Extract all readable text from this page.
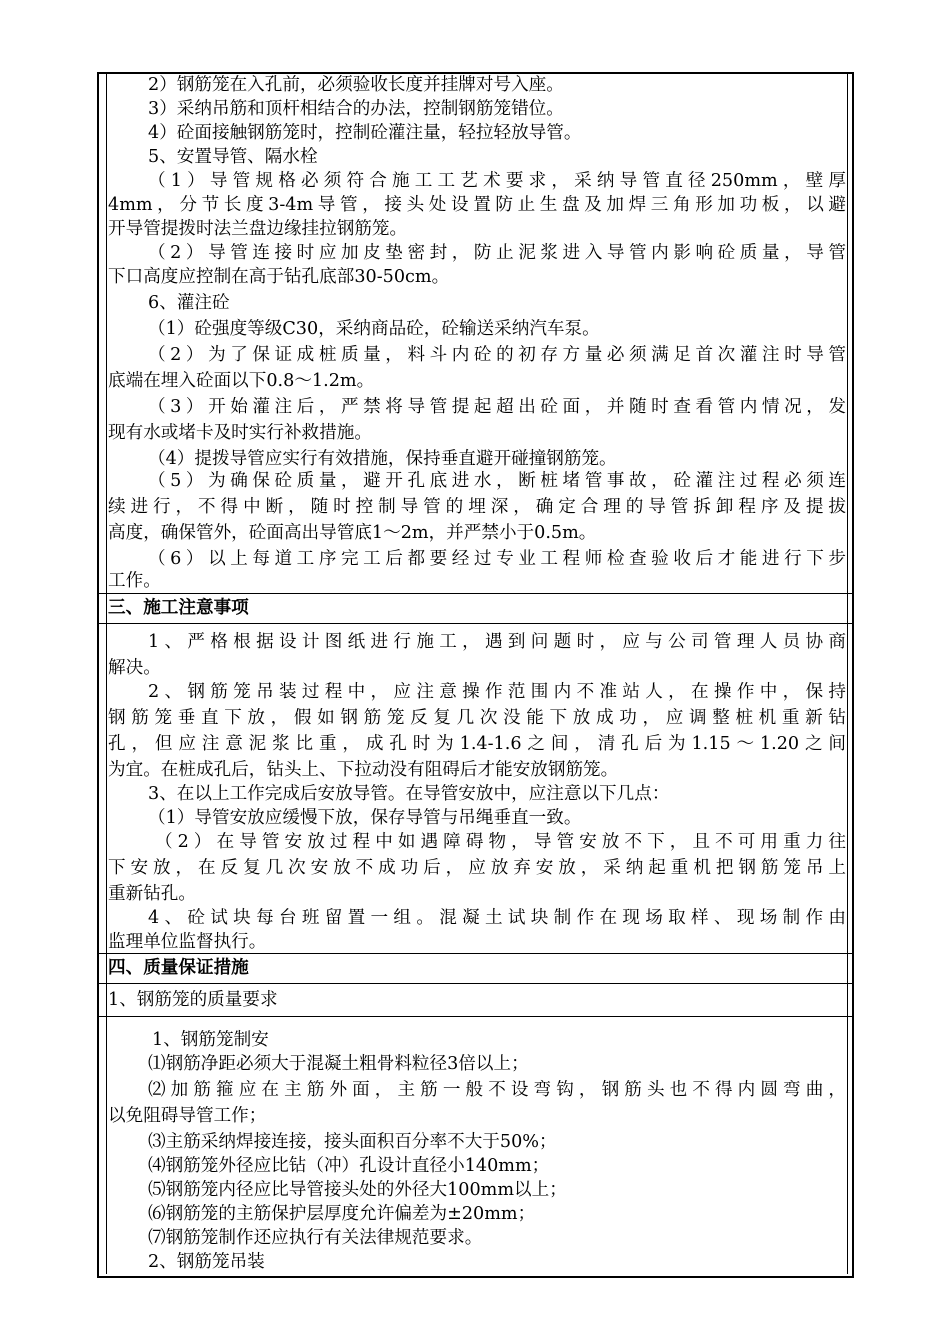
2）钢筋笼在入孔前，必须验收长度并挂牌对号入座。
3）采纳吊筋和顶杆相结合的办法，控制钢筋笼错位。
4）砼面接触钢筋笼时，控制砼灌注量，轻拉轻放导管。
5、安置导管、隔水栓
（1）导管规格必须符合施工工艺术要求，采纳导管直径250mm，壁厚
4mm，分节长度3-4m导管，接头处设置防止生盘及加焊三角形加功板，以避
开导管提拨时法兰盘边缘挂拉钢筋笼。
（2）导管连接时应加皮垫密封，防止泥浆进入导管内影响砼质量，导管
下口高度应控制在高于钻孔底部30-50cm。
6、灌注砼
（1）砼强度等级C30，采纳商品砼，砼输送采纳汽车泵。
（2）为了保证成桩质量，料斗内砼的初存方量必须满足首次灌注时导管
底端在埋入砼面以下0.8～1.2m。
（3）开始灌注后，严禁将导管提起超出砼面，并随时查看管内情况，发
现有水或堵卡及时实行补救措施。
（4）提拨导管应实行有效措施，保持垂直避开碰撞钢筋笼。
（5）为确保砼质量，避开孔底进水，断桩堵管事故，砼灌注过程必须连
续进行，不得中断，随时控制导管的埋深，确定合理的导管拆卸程序及提拔
高度，确保管外，砼面高出导管底1～2m，并严禁小于0.5m。
（6）以上每道工序完工后都要经过专业工程师检查验收后才能进行下步
工作。
三、施工注意事项
1、严格根据设计图纸进行施工，遇到问题时，应与公司管理人员协商
解决。
2、钢筋笼吊装过程中，应注意操作范围内不准站人，在操作中，保持
钢筋笼垂直下放，假如钢筋笼反复几次没能下放成功，应调整桩机重新钻
孔，但应注意泥浆比重，成孔时为1.4-1.6之间，清孔后为1.15～1.20之间
为宜。在桩成孔后，钻头上、下拉动没有阻碍后才能安放钢筋笼。
3、在以上工作完成后安放导管。在导管安放中，应注意以下几点：
（1）导管安放应缓慢下放，保存导管与吊绳垂直一致。
（2）在导管安放过程中如遇障碍物，导管安放不下，且不可用重力往
下安放，在反复几次安放不成功后，应放弃安放，采纳起重机把钢筋笼吊上
重新钻孔。
4、砼试块每台班留置一组。混凝土试块制作在现场取样、现场制作由
监理单位监督执行。
四、质量保证措施
1、钢筋笼的质量要求
1、钢筋笼制安
⑴钢筋净距必须大于混凝土粗骨料粒径3倍以上；
⑵加筋箍应在主筋外面，主筋一般不设弯钩，钢筋头也不得内圆弯曲，
以免阻碍导管工作；
⑶主筋采纳焊接连接，接头面积百分率不大于50%；
⑷钢筋笼外径应比钻（冲）孔设计直径小140mm；
⑸钢筋笼内径应比导管接头处的外径大100mm以上；
⑹钢筋笼的主筋保护层厚度允许偏差为±20mm；
⑺钢筋笼制作还应执行有关法律规范要求。
2、钢筋笼吊装
